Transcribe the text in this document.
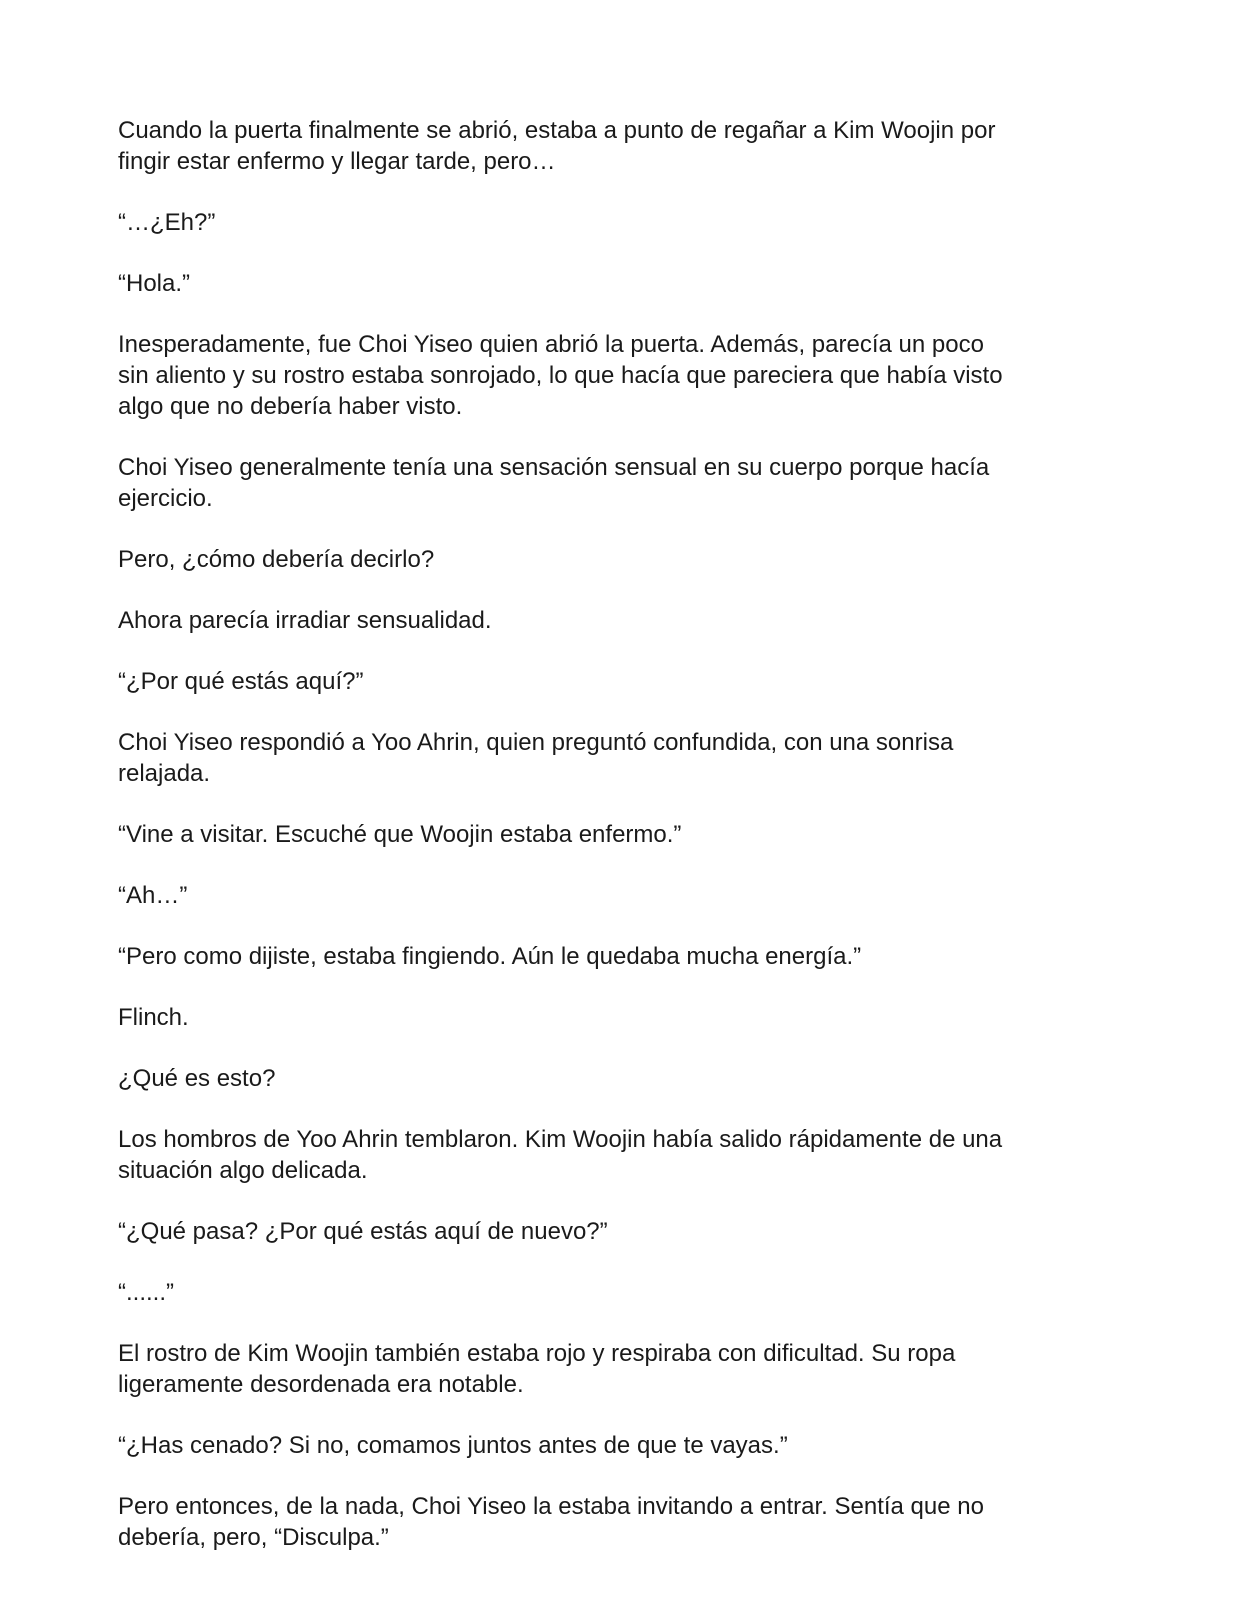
Cuando la puerta finalmente se abrió, estaba a punto de regañar a Kim Woojin por
fingir estar enfermo y llegar tarde, pero…

“…¿Eh?”

“Hola.”

Inesperadamente, fue Choi Yiseo quien abrió la puerta. Además, parecía un poco
sin aliento y su rostro estaba sonrojado, lo que hacía que pareciera que había visto
algo que no debería haber visto.

Choi Yiseo generalmente tenía una sensación sensual en su cuerpo porque hacía
ejercicio.

Pero, ¿cómo debería decirlo?

Ahora parecía irradiar sensualidad.

“¿Por qué estás aquí?”

Choi Yiseo respondió a Yoo Ahrin, quien preguntó confundida, con una sonrisa
relajada.

“Vine a visitar. Escuché que Woojin estaba enfermo.”

“Ah…”

“Pero como dijiste, estaba fingiendo. Aún le quedaba mucha energía.”

Flinch.

¿Qué es esto?

Los hombros de Yoo Ahrin temblaron. Kim Woojin había salido rápidamente de una
situación algo delicada.

“¿Qué pasa? ¿Por qué estás aquí de nuevo?”

“......”

El rostro de Kim Woojin también estaba rojo y respiraba con dificultad. Su ropa
ligeramente desordenada era notable.

“¿Has cenado? Si no, comamos juntos antes de que te vayas.”

Pero entonces, de la nada, Choi Yiseo la estaba invitando a entrar. Sentía que no
debería, pero, “Disculpa.”
